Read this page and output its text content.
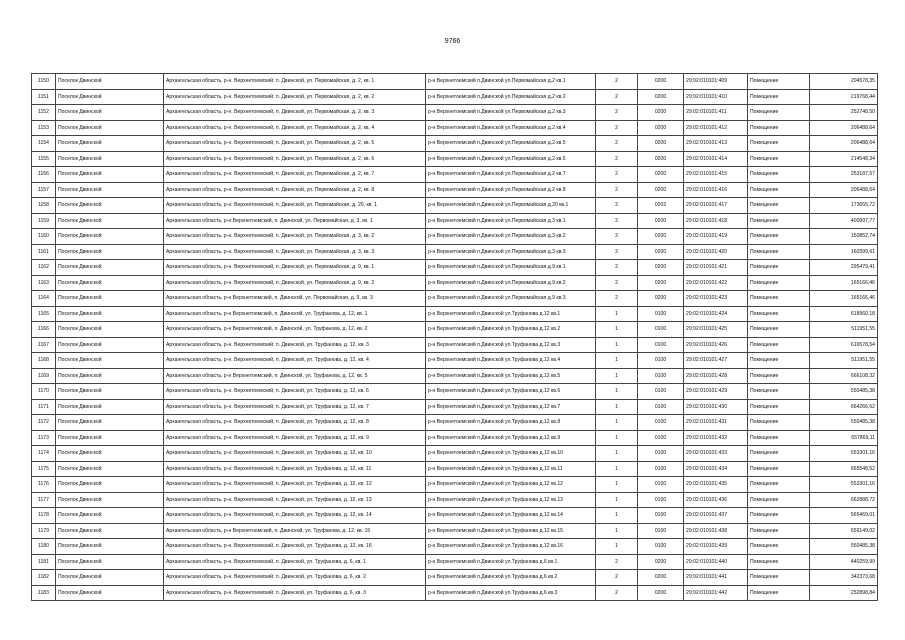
9766
1150	Поселок Двинской	Архангельская область, р-н. Верхнетоемский, п. Двинской, ул. Первомайская, д. 2, кв. 1	р-н Верхнетоемский п.Двинской ул.Первомайская д.2 кв.1	2	0200	29:02:010101:409	Помещение	204578,35
1151	Поселок Двинской	Архангельская область, р-н. Верхнетоемский, п. Двинской, ул. Первомайская, д. 2, кв. 2	р-н Верхнетоемский п.Двинской ул.Первомайская д.2 кв.2	2	0200	29:02:010101:410	Помещение	219768,44
1152	Поселок Двинской	Архангельская область, р-н. Верхнетоемский, п. Двинской, ул. Первомайская, д. 2, кв. 3	р-н Верхнетоемский п.Двинской ул.Первомайская д.2 кв.3	2	0200	29:02:010101:411	Помещение	252748,50
1153	Поселок Двинской	Архангельская область, р-н. Верхнетоемский, п. Двинской, ул. Первомайская, д. 2, кв. 4	р-н Верхнетоемский п.Двинской ул.Первомайская д.2 кв.4	2	0200	29:02:010101:412	Помещение	206488,64
1154	Поселок Двинской	Архангельская область, р-н. Верхнетоемский, п. Двинской, ул. Первомайская, д. 2, кв. 5	р-н Верхнетоемский п.Двинской ул.Первомайская д.2 кв.5	2	0200	29:02:010101:413	Помещение	206488,64
1155	Поселок Двинской	Архангельская область, р-н. Верхнетоемский, п. Двинской, ул. Первомайская, д. 2, кв. 6	р-н Верхнетоемский п.Двинской ул.Первомайская д.2 кв.6	2	0200	29:02:010101:414	Помещение	214548,34
1156	Поселок Двинской	Архангельская область, р-н. Верхнетоемский, п. Двинской, ул. Первомайская, д. 2, кв. 7	р-н Верхнетоемский п.Двинской ул.Первомайская д.2 кв.7	2	0200	29:02:010101:415	Помещение	253187,57
1157	Поселок Двинской	Архангельская область, р-н. Верхнетоемский, п. Двинской, ул. Первомайская, д. 2, кв. 8	р-н Верхнетоемский п.Двинской ул.Первомайская д.2 кв.8	2	0200	29:02:010101:416	Помещение	206488,64
1158	Поселок Двинской	Архангельская область, р-н. Верхнетоемский, п. Двинской, ул. Первомайская, д. 20, кв. 1	р-н Верхнетоемский п.Двинской ул.Первомайская д.20 кв.1	2	0202	29:02:010101:417	Помещение	173655,72
1159	Поселок Двинской	Архангельская область, р-н Верхнетоемский, п. Двинской, ул. Первомайская, д. 3, кв. 1	р-н Верхнетоемский п.Двинской ул.Первомайская д.3 кв.1	2	0200	29:02:010101:418	Помещение	400997,77
1160	Поселок Двинской	Архангельская область, р-н. Верхнетоемский, п. Двинской, ул. Первомайская, д. 3, кв. 2	р-н Верхнетоемский п.Двинской ул.Первомайская д.3 кв.2	2	0200	29:02:010101:419	Помещение	150852,74
1161	Поселок Двинской	Архангельская область, р-н. Верхнетоемский, п. Двинской, ул. Первомайская, д. 3, кв. 3	р-н Верхнетоемский п.Двинской ул.Первомайская д.3 кв.3	2	0200	29:02:010101:420	Помещение	160399,61
1162	Поселок Двинской	Архангельская область, р-н. Верхнетоемский, п. Двинской, ул. Первомайская, д. 9, кв. 1	р-н Верхнетоемский п.Двинской ул.Первомайская д.9 кв.1	2	0200	29:02:010101:421	Помещение	295479,41
1163	Поселок Двинской	Архангельская область, р-н. Верхнетоемский, п. Двинской, ул. Первомайская, д. 9, кв. 2	р-н Верхнетоемский п.Двинской ул.Первомайская д.9 кв.2	2	0200	29:02:010101:422	Помещение	165166,46
1164	Поселок Двинской	Архангельская область, р-н Верхнетоемский, п. Двинской, ул. Первомайская, д. 9, кв. 3	р-н Верхнетоемский п.Двинской ул.Первомайская д.9 кв.3	2	0200	29:02:010101:423	Помещение	165166,46
1165	Поселок Двинской	Архангельская область, р-н Верхнетоемский, п. Двинской, ул. Труфанова, д. 12, кв. 1	р-н Верхнетоемский п.Двинской ул.Труфанова д.12 кв.1	1	0100	29:02:010101:424	Помещение	618960,18
1166	Поселок Двинской	Архангельская область, р-н Верхнетоемский, п. Двинской, ул. Труфанова, д. 12, кв. 2	р-н Верхнетоемский п.Двинской ул.Труфанова д.12 кв.2	1	0100	29:02:010101:425	Помещение	511951,55
1167	Поселок Двинской	Архангельская область, р-н. Верхнетоемский, п. Двинской, ул. Труфанова, д. 12, кв. 3	р-н Верхнетоемский п.Двинской ул.Труфанова д.12 кв.3	1	0100	29:02:010101:426	Помещение	616578,54
1168	Поселок Двинской	Архангельская область, р-н. Верхнетоемский, п. Двинской, ул. Труфанова, д. 12, кв. 4	р-н Верхнетоемский п.Двинской ул.Труфанова д.12 кв.4	1	0100	29:02:010101:427	Помещение	511951,55
1169	Поселок Двинской	Архангельская область, р-н Верхнетоемский, п. Двинской, ул. Труфанова, д. 12, кв. 5	р-н Верхнетоемский п.Двинской ул.Труфанова д.12 кв.5	1	0100	29:02:010101:428	Помещение	666108,32
1170	Поселок Двинской	Архангельская область, р-н. Верхнетоемский, п. Двинской, ул. Труфанова, д. 12, кв. 6	р-н Верхнетоемский п.Двинской ул.Труфанова д.12 кв.6	1	0100	29:02:010101:429	Помещение	550485,38
1171	Поселок Двинской	Архангельская область, р-н. Верхнетоемский, п. Двинской, ул. Труфанова, д. 12, кв. 7	р-н Верхнетоемский п.Двинской ул.Труфанова д.12 кв.7	1	0100	29:02:010101:430	Помещение	664266,62
1172	Поселок Двинской	Архангельская область, р-н. Верхнетоемский, п. Двинской, ул. Труфанова, д. 12, кв. 8	р-н Верхнетоемский п.Двинской ул.Труфанова д.12 кв.8	1	0100	29:02:010101:431	Помещение	550485,38
1173	Поселок Двинской	Архангельская область, р-н. Верхнетоемский, п. Двинской, ул. Труфанова, д. 12, кв. 9	р-н Верхнетоемский п.Двинской ул.Труфанова д.12 кв.9	1	0100	29:02:010101:432	Помещение	657869,11
1174	Поселок Двинской	Архангельская область, р-н. Верхнетоемский, п. Двинской, ул. Труфанова, д. 12, кв. 10	р-н Верхнетоемский п.Двинской ул.Труфанова д.12 кв.10	1	0100	29:02:010101:433	Помещение	553301,16
1175	Поселок Двинской	Архангельская область, р-н. Верхнетоемский, п. Двинской, ул. Труфанова, д. 12, кв. 11	р-н Верхнетоемский п.Двинской ул.Труфанова д.12 кв.11	1	0100	29:02:010101:434	Помещение	665548,52
1176	Поселок Двинской	Архангельская область, р-н. Верхнетоемский, п. Двинской, ул. Труфанова, д. 12, кв. 12	р-н Верхнетоемский п.Двинской ул.Труфанова д.12 кв.12	1	0100	29:02:010101:435	Помещение	553301,16
1177	Поселок Двинской	Архангельская область, р-н. Верхнетоемский, п. Двинской, ул. Труфанова, д. 12, кв. 13	р-н Верхнетоемский п.Двинской ул.Труфанова д.12 кв.13	1	0100	29:02:010101:436	Помещение	662888,72
1178	Поселок Двинской	Архангельская область, р-н. Верхнетоемский, п. Двинской, ул. Труфанова, д. 12, кв. 14	р-н Верхнетоемский п.Двинской ул.Труфанова д.12 кв.14	1	0100	29:02:010101:437	Помещение	565469,01
1179	Поселок Двинской	Архангельская область, р-н Верхнетоемский, п. Двинской, ул. Труфанова, д. 12, кв. 15	р-н Верхнетоемский п.Двинской ул.Труфанова д.12 кв.15	1	0100	29:02:010101:438	Помещение	659149,02
1180	Поселок Двинской	Архангельская область, р-н. Верхнетоемский, п. Двинской, ул. Труфанова, д. 12, кв. 16	р-н Верхнетоемский п.Двинской ул.Труфанова д.12 кв.16	1	0100	29:02:010101:439	Помещение	550485,38
1181	Поселок Двинской	Архангельская область, р-н. Верхнетоемский, п. Двинской, ул. Труфанова, д. 6, кв. 1	р-н Верхнетоемский п.Двинской ул.Труфанова д.6 кв.1	2	0200	29:02:010101:440	Помещение	440259,99
1182	Поселок Двинской	Архангельская область, р-н. Верхнетоемский, п. Двинской, ул. Труфанова, д. 6, кв. 2	р-н Верхнетоемский п.Двинской ул.Труфанова д.6 кв.2	2	0200	29:02:010101:441	Помещение	342373,68
1183	Поселок Двинской	Архангельская область, р-н. Верхнетоемский, п. Двинской, ул. Труфанова, д. 6, кв. 3	р-н Верхнетоемский п.Двинской ул.Труфанова д.6 кв.3	2	0200	29:02:010101:442	Помещение	252898,84
